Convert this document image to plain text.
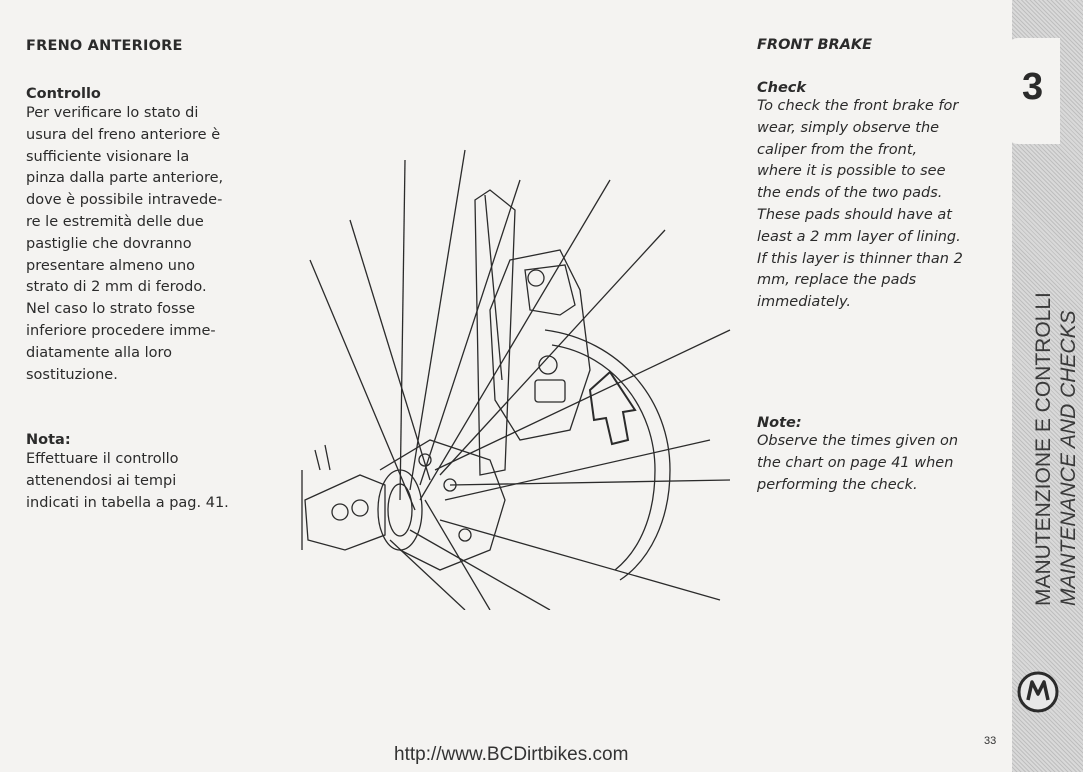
FRENO ANTERIORE
Controllo

Per verificare lo stato di
usura del freno anteriore è
sufficiente visionare la
pinza dalla parte anteriore,
dove è possibile intravede-
re le estremità delle due
pastiglie che dovranno
presentare almeno uno
strato di 2 mm di ferodo.
Nel caso lo strato fosse
inferiore procedere imme-
diatamente alla loro
sostituzione.

Nota:

Effettuare il controllo
attenendosi ai tempi
indicati in tabella a pag. 41.

FRONT BRAKE
Check

To check the front brake for
wear, simply observe the
caliper from the front,
where it is possible to see
the ends of the two pads.
These pads should have at
least a 2 mm layer of lining.
If this layer is thinner than 2
mm, replace the pads
immediately.

Note:

Observe the times given on
the chart on page 41 when
performing the check.

3
MANUTENZIONE E CONTROLLI MAINTENANCE AND CHECKS
33
http://www.BCDirtbikes.com
